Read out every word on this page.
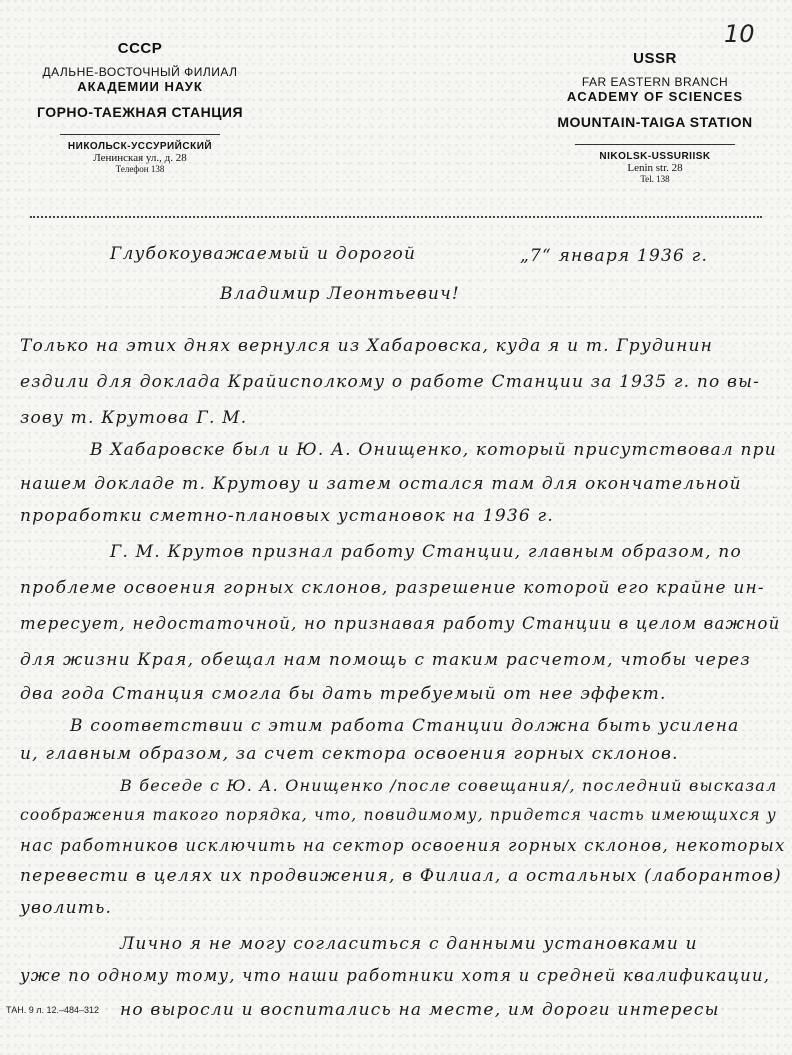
10
СССР
ДАЛЬНЕ-ВОСТОЧНЫЙ ФИЛИАЛ
АКАДЕМИИ НАУК
ГОРНО-ТАЕЖНАЯ СТАНЦИЯ
НИКОЛЬСК-УССУРИЙСКИЙ
Ленинская ул., д. 28
Телефон 138
USSR
FAR EASTERN BRANCH
ACADEMY OF SCIENCES
MOUNTAIN-TAIGA STATION
NIKOLSK-USSURIISK
Lenin str. 28
Tel. 138
Глубокоуважаемый и дорогой	„7“ января 1936 г.
Владимир Леонтьевич!
Только на этих днях вернулся из Хабаровска, куда я и т. Грудинин
ездили для доклада Крайисполкому о работе Станции за 1935 г. по вы-
зову т. Крутова Г. М.
В Хабаровске был и Ю. А. Онищенко, который присутствовал при
нашем докладе т. Крутову и затем остался там для окончательной
проработки сметно-плановых установок на 1936 г.
Г. М. Крутов признал работу Станции, главным образом, по
проблеме освоения горных склонов, разрешение которой его крайне ин-
тересует, недостаточной, но признавая работу Станции в целом важной
для жизни Края, обещал нам помощь с таким расчетом, чтобы через
два года Станция смогла бы дать требуемый от нее эффект.
В соответствии с этим работа Станции должна быть усилена
и, главным образом, за счет сектора освоения горных склонов.
В беседе с Ю. А. Онищенко /после совещания/, последний высказал
соображения такого порядка, что, повидимому, придется часть имеющихся у
нас работников исключить на сектор освоения горных склонов, некоторых
перевести в целях их продвижения, в Филиал, а остальных (лаборантов)
уволить.
Лично я не могу согласиться с данными установками и
уже по одному тому, что наши работники хотя и средней квалификации,
но выросли и воспитались на месте, им дороги интересы
ТАН. 9 л. 12.–484–312
